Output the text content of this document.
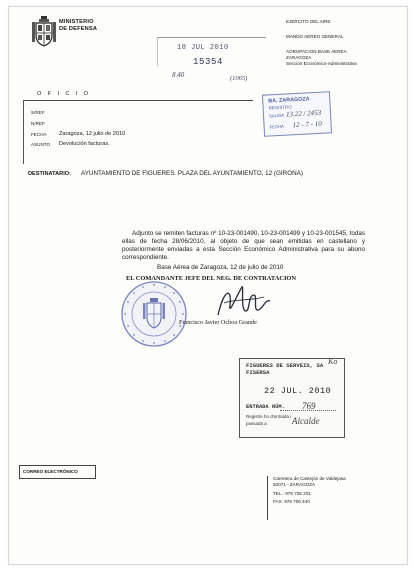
MINISTERIO
DE DEFENSA
EJERCITO DEL AIRE
MANDO AEREO GENERAL
AGRUPACION BASE AEREA
ZARAGOZA
Sección Económico-Administrativa
18 JUL 2010
15354
8.40	(1065)
O F I C I O
S/REF
N/REF
FECHA Zaragoza, 12 julio de 2010
ASUNTO Devolución facturas.
DESTINATARIO: AYUNTAMIENTO DE FIGUERES. PLAZA DEL AYUNTAMIENTO, 12 (GIRONA)
BA. ZARAGOZA
REGISTRO
SALIDA
FECHA
13.22 / 2453
12 - 7 - 10
Adjunto se remiten facturas nº 10-23-001490, 10-23-001499 y 10-23-001545, todas ellas de fecha 28/06/2010, al objeto de que sean emitidas en castellano y posteriormente enviadas a esta Sección Económico Administrativa para su abono correspondiente.
Base Aérea de Zaragoza, 12 de julio de 2010
EL COMANDANTE JEFE DEL NEG. DE CONTRATACION
Francisco Javier Ochoa Grande
FIGUERES DE SERVEIS, SA
FISERSA
22 JUL. 2010
ENTRADA NÚM. 769
Registre ho d'entrada i
passada a	Alcalde
Ko
CORREO ELECTRÓNICO
Carretera de Castejón de Valdejasa
50071 - ZARAGOZA
TEL.: 976 708 201
FAX: 976 700 440
